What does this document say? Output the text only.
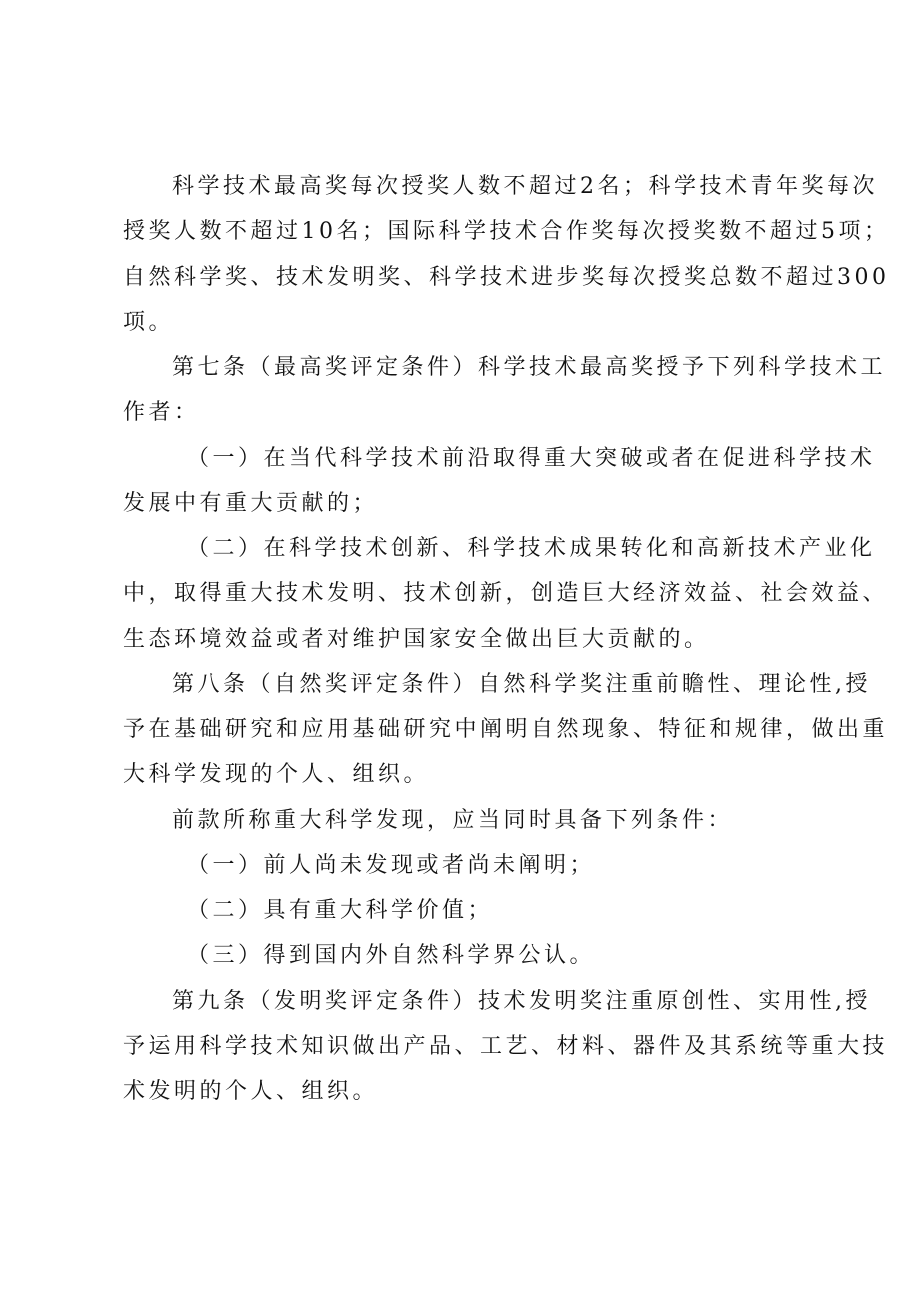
科学技术最高奖每次授奖人数不超过2名；科学技术青年奖每次
授奖人数不超过10名；国际科学技术合作奖每次授奖数不超过5项；
自然科学奖、技术发明奖、科学技术进步奖每次授奖总数不超过300
项。
第七条（最高奖评定条件）科学技术最高奖授予下列科学技术工
作者：
（一）在当代科学技术前沿取得重大突破或者在促进科学技术
发展中有重大贡献的；
（二）在科学技术创新、科学技术成果转化和高新技术产业化
中，取得重大技术发明、技术创新，创造巨大经济效益、社会效益、
生态环境效益或者对维护国家安全做出巨大贡献的。
第八条（自然奖评定条件）自然科学奖注重前瞻性、理论性,授
予在基础研究和应用基础研究中阐明自然现象、特征和规律，做出重
大科学发现的个人、组织。
前款所称重大科学发现，应当同时具备下列条件：
（一）前人尚未发现或者尚未阐明；
（二）具有重大科学价值；
（三）得到国内外自然科学界公认。
第九条（发明奖评定条件）技术发明奖注重原创性、实用性,授
予运用科学技术知识做出产品、工艺、材料、器件及其系统等重大技
术发明的个人、组织。
